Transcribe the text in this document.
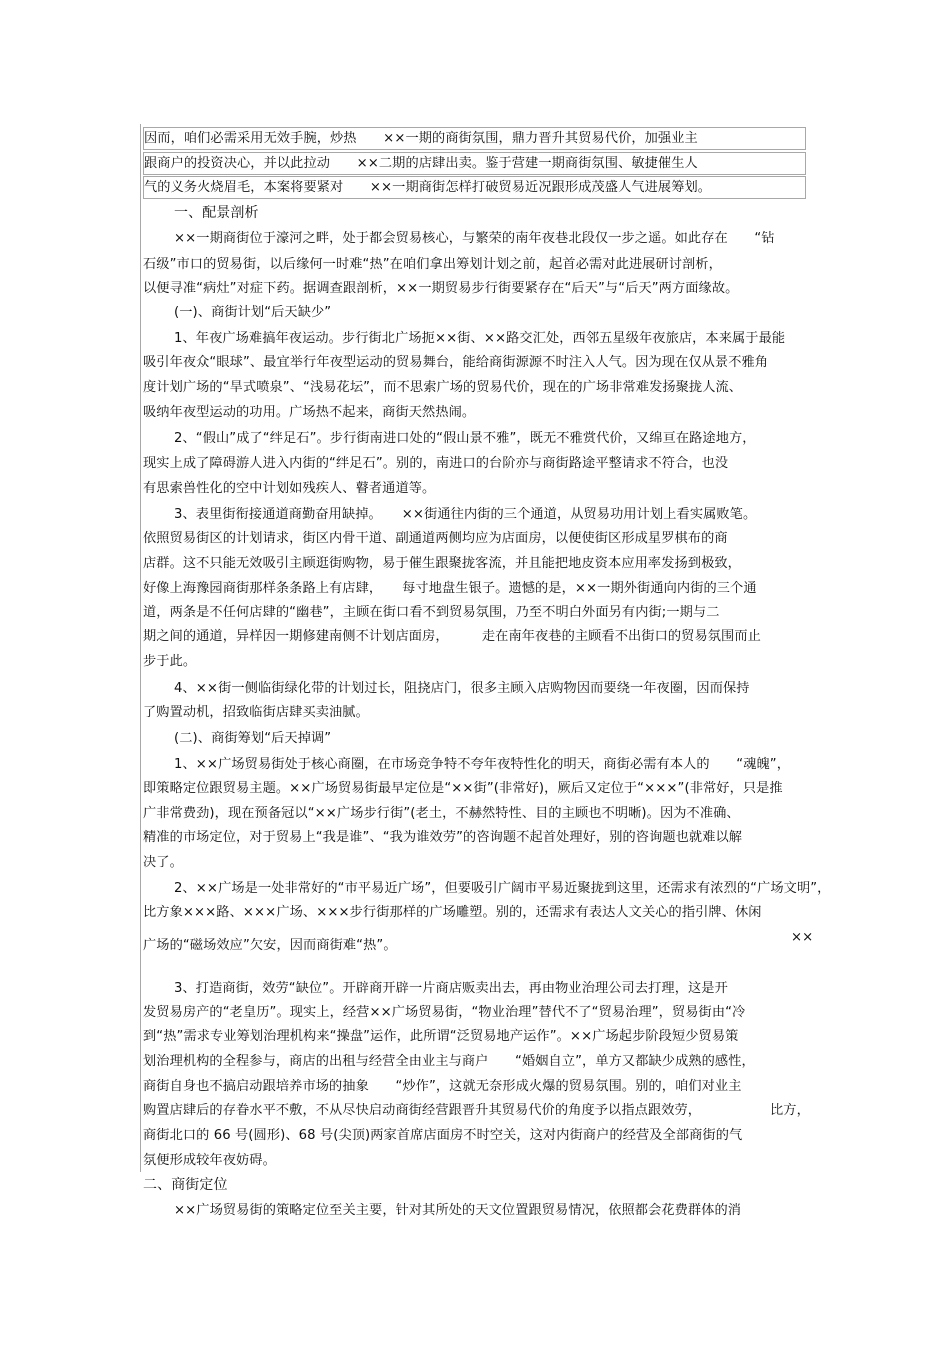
因而，咱们必需采用无效手腕，炒热　　××一期的商街氛围，鼎力晋升其贸易代价，加强业主
跟商户的投资决心，并以此拉动　　××二期的店肆出卖。鉴于营建一期商街氛围、敏捷催生人
气的义务火烧眉毛，本案将要紧对　　××一期商街怎样打破贸易近况跟形成茂盛人气进展筹划。
一、配景剖析
××一期商街位于濠河之畔，处于都会贸易核心，与繁荣的南年夜巷北段仅一步之遥。如此存在　　“钻
石级”市口的贸易街，以后缘何一时难“热”在咱们拿出筹划计划之前，起首必需对此进展研讨剖析，
以便寻准“病灶”对症下药。据调查跟剖析，××一期贸易步行街要紧存在“后天”与“后天”两方面缘故。
(一)、商街计划“后天缺少”
1、年夜广场难搞年夜运动。步行街北广场扼××街、××路交汇处，西邻五星级年夜旅店，本来属于最能
吸引年夜众“眼球”、最宜举行年夜型运动的贸易舞台，能给商街源源不时注入人气。因为现在仅从景不雅角
度计划广场的“旱式喷泉”、“浅易花坛”，而不思索广场的贸易代价，现在的广场非常难发扬聚拢人流、
吸纳年夜型运动的功用。广场热不起来，商街天然热闹。
2、“假山”成了“绊足石”。步行街南进口处的“假山景不雅”，既无不雅赏代价，又绵亘在路途地方，
现实上成了障碍游人进入内街的“绊足石”。别的，南进口的台阶亦与商街路途平整请求不符合，也没
有思索兽性化的空中计划如残疾人、瞽者通道等。
3、表里街衔接通道商勤奋用缺掉。　　××街通往内街的三个通道，从贸易功用计划上看实属败笔。
依照贸易街区的计划请求，街区内骨干道、副通道两侧均应为店面房，以便使街区形成星罗棋布的商
店群。这不只能无效吸引主顾逛街购物，易于催生跟聚拢客流，并且能把地皮资本应用率发扬到极致，
好像上海豫园商街那样条条路上有店肆，　　每寸地盘生银子。遗憾的是，××一期外街通向内街的三个通
道，两条是不任何店肆的“幽巷”，主顾在街口看不到贸易氛围，乃至不明白外面另有内街;一期与二
期之间的通道，异样因一期修建南侧不计划店面房，　　　走在南年夜巷的主顾看不出街口的贸易氛围而止
步于此。
4、××街一侧临街绿化带的计划过长，阻挠店门，很多主顾入店购物因而要绕一年夜圈，因而保持
了购置动机，招致临街店肆买卖油腻。
(二)、商街筹划“后天掉调”
1、××广场贸易街处于核心商圈，在市场竞争特不夸年夜特性化的明天，商街必需有本人的　　“魂魄”，
即策略定位跟贸易主题。××广场贸易街最早定位是“××街”(非常好)，厥后又定位于“×××”(非常好，只是推
广非常费劲)，现在预备冠以“××广场步行街”(老土，不赫然特性、目的主顾也不明晰)。因为不准确、
精准的市场定位，对于贸易上“我是谁”、“我为谁效劳”的咨询题不起首处理好，别的咨询题也就难以解
决了。
2、××广场是一处非常好的“市平易近广场”，但要吸引广阔市平易近聚拢到这里，还需求有浓烈的“广场文明”，
比方象×××路、×××广场、×××步行街那样的广场雕塑。别的，还需求有表达人文关心的指引牌、休闲
××
广场的“磁场效应”欠安，因而商街难“热”。
3、打造商街，效劳“缺位”。开辟商开辟一片商店贩卖出去，再由物业治理公司去打理，这是开
发贸易房产的“老皇历”。现实上，经营××广场贸易街，“物业治理”替代不了“贸易治理”，贸易街由“冷
到“热”需求专业筹划治理机构来“操盘”运作，此所谓“泛贸易地产运作”。××广场起步阶段短少贸易策
划治理机构的全程参与，商店的出租与经营全由业主与商户　　“婚姻自立”，单方又都缺少成熟的感性，
商街自身也不搞启动跟培养市场的抽象　　“炒作”，这就无奈形成火爆的贸易氛围。别的，咱们对业主
购置店肆后的存眷水平不敷，不从尽快启动商街经营跟晋升其贸易代价的角度予以指点跟效劳，	比方，
商街北口的 66 号(圆形)、68 号(尖顶)两家首席店面房不时空关，这对内街商户的经营及全部商街的气
氛便形成较年夜妨碍。
二、商街定位
××广场贸易街的策略定位至关主要，针对其所处的天文位置跟贸易情况，依照都会花费群体的消
